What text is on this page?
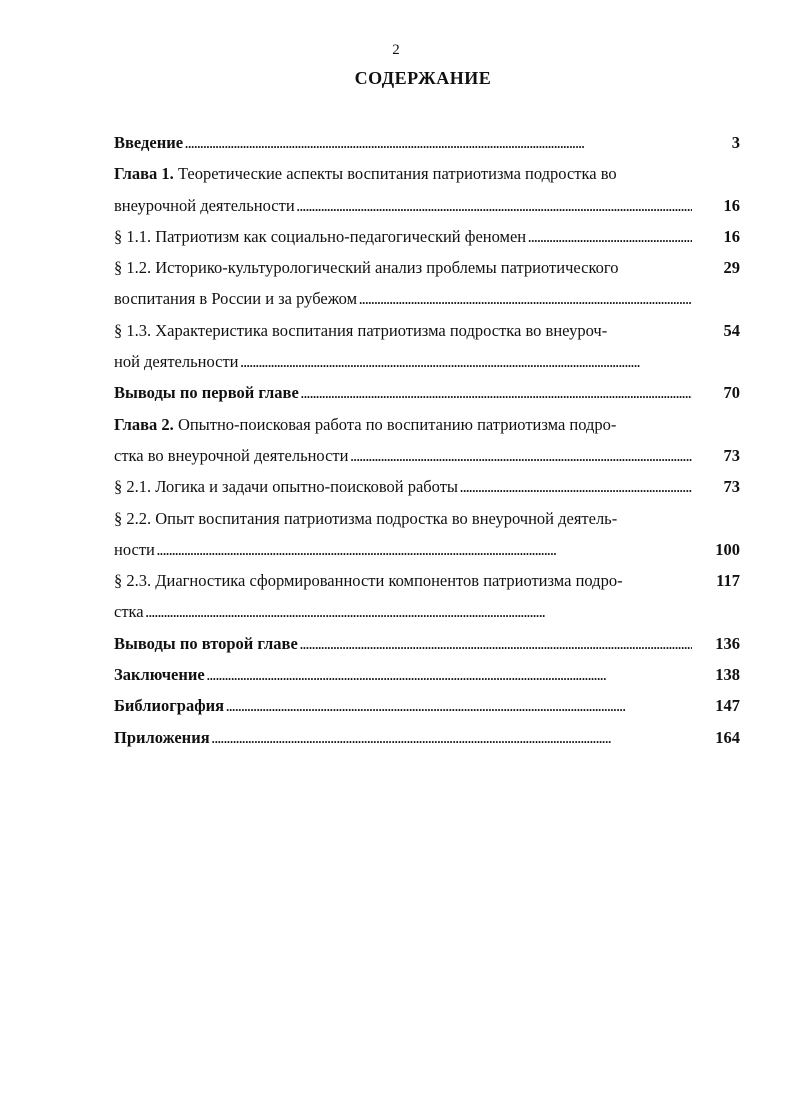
2
СОДЕРЖАНИЕ
Введение . . .	3
Глава 1. Теоретические аспекты воспитания патриотизма подростка во
внеурочной деятельности . . .	16
§ 1.1. Патриотизм как социально-педагогический феномен . . .	16
§ 1.2. Историко-культурологический анализ проблемы патриотического	29
воспитания в России и за рубежом . . .
§ 1.3. Характеристика воспитания патриотизма подростка во внеуроч-	54
ной деятельности . . .
Выводы по первой главе . . .	70
Глава 2. Опытно-поисковая работа по воспитанию патриотизма подро-
стка во внеурочной деятельности . . .	73
§ 2.1. Логика и задачи опытно-поисковой работы . . .	73
§ 2.2. Опыт воспитания патриотизма подростка во внеурочной деятель-
ности . . .	100
§ 2.3. Диагностика сформированности компонентов патриотизма подро-	117
стка . . .
Выводы по второй главе . . .	136
Заключение . . .	138
Библиография . . .	147
Приложения . . .	164
